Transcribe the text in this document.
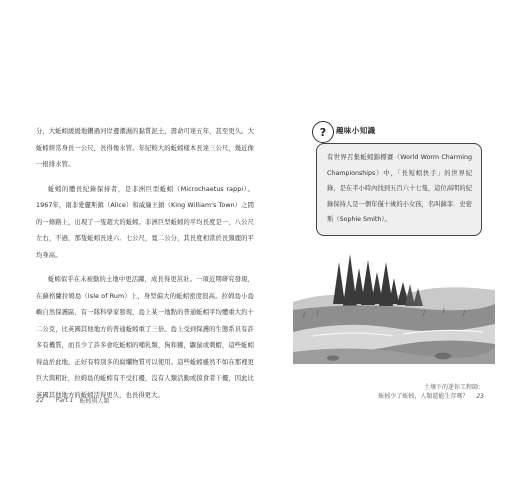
分，大蚯蚓緩緩地鑽過河岸邊潮濕的黏質泥土，壽命可達五年，甚至更久。大蚯蚓經常身長一公尺，長得像水管。年紀較大的蚯蚓樣本長達三公尺，幾近像一根排水管。

蚯蚓的體長紀錄保持者，是非洲巨型蚯蚓（Microchaetus rappi）。1967年，南非愛麗斯鎮（Alice）和威廉王鎮（King William's Town）之間的一條路上，出現了一隻超大的蚯蚓。非洲巨型蚯蚓的平均長度是一、八公尺左右，不過，那隻蚯蚓長達六．七公尺，寬二公分，其長度相當於長頸鹿的平均身高。

蚯蚓似乎在未被動的土地中更活躍，成長得更茁壯。一項近期研究發現，在蘇格蘭拉姆島（Isle of Rum）上，身型偏大的蚯蚓密度很高。拉姆島小島嶼自然保護區，有一隊科學家發現，島上某一地點的普通蚯蚓平均體重大約十二公克，比英國其他地方的普通蚯蚓重了三倍。島上受到保護的生態系具有許多有機質，而且少了許多會吃蚯蚓的哺乳類、狗和獾，鼴鼠或刺蝟，這些蚯蚓得益於此地，正好有特別多的腐爛物質可以使用。這些蚯蚓雖然不如在那裡更巨大與粗壯，拉姆島的蚯蚓有不受打擾，沒有人類活動或掠食者干擾，因此比英國其他地方的蚯蚓活得更久，也長得更大。

22 Part 1 蚯蚓與人類
?	趣味小知識
有世界召集蚯蚓錦標賽（World Worm Charming Championships）中，「長短蚓快手」的世界紀錄，是在半小時內找到五百六十七隻，這位高明的紀錄保持人是一個年僅十歲的小女孩，名叫蘇菲．史密斯（Sophie Smith）。
土壤下的迷你工程師：
蚯蚓少了蚯蚓，人類還能生存嗎？ 23
